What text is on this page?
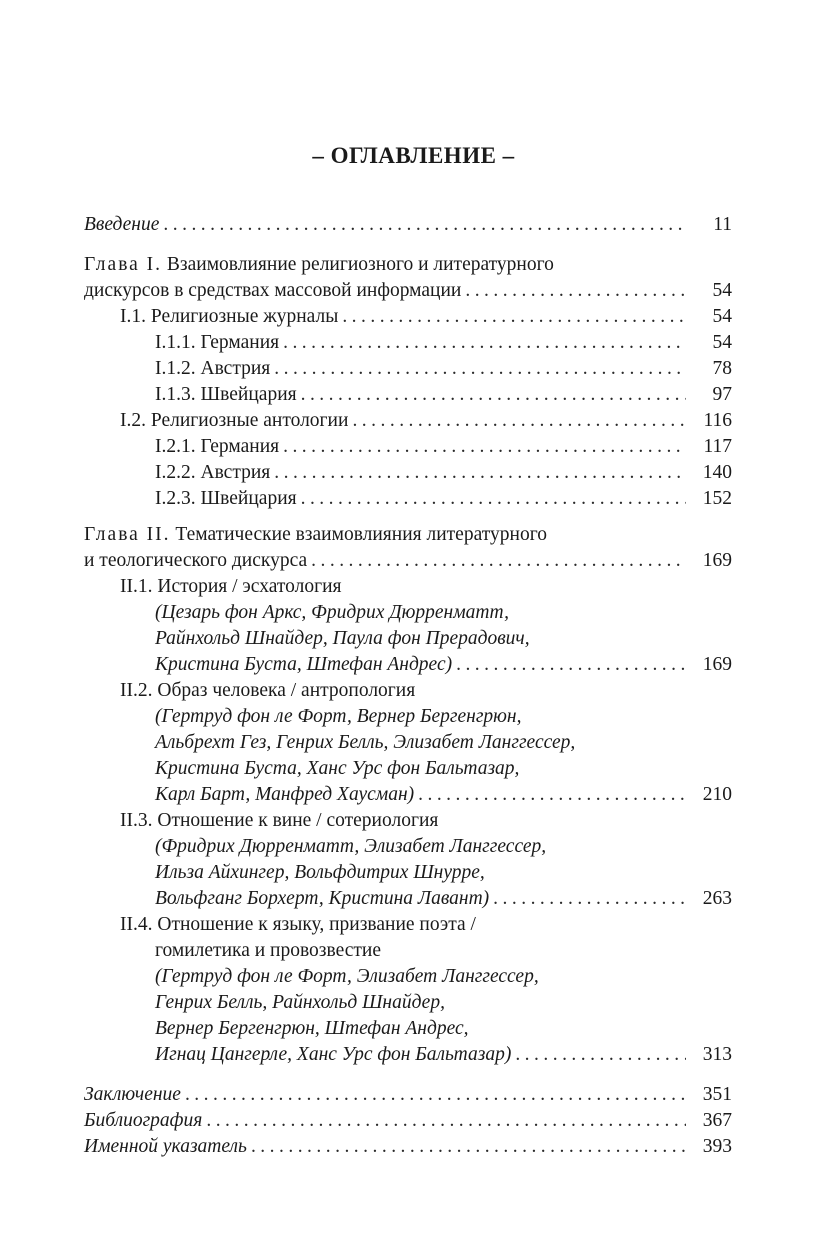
– ОГЛАВЛЕНИЕ –
Введение . . .	11
Глава I. Взаимовлияние религиозного и литературного
дискурсов в средствах массовой информации . . .	54
I.1. Религиозные журналы . . .	54
I.1.1. Германия . . .	54
I.1.2. Австрия . . .	78
I.1.3. Швейцария . . .	97
I.2. Религиозные антологии . . .	116
I.2.1. Германия . . .	117
I.2.2. Австрия . . .	140
I.2.3. Швейцария . . .	152
Глава II. Тематические взаимовлияния литературного
и теологического дискурса . . .	169
II.1. История / эсхатология
(Цезарь фон Аркс, Фридрих Дюрренматт,
Райнхольд Шнайдер, Паула фон Прерадович,
Кристина Буста, Штефан Андрес) . . .	169
II.2. Образ человека / антропология
(Гертруд фон ле Форт, Вернер Бергенгрюн,
Альбрехт Гез, Генрих Белль, Элизабет Ланггессер,
Кристина Буста, Ханс Урс фон Бальтазар,
Карл Барт, Манфред Хаусман) . . .	210
II.3. Отношение к вине / сотериология
(Фридрих Дюрренматт, Элизабет Ланггессер,
Ильза Айхингер, Вольфдитрих Шнурре,
Вольфганг Борхерт, Кристина Лавант) . . .	263
II.4. Отношение к языку, призвание поэта /
гомилетика и провозвестие
(Гертруд фон ле Форт, Элизабет Ланггессер,
Генрих Белль, Райнхольд Шнайдер,
Вернер Бергенгрюн, Штефан Андрес,
Игнац Цангерле, Ханс Урс фон Бальтазар) . . .	313
Заключение . . .	351
Библиография . . .	367
Именной указатель . . .	393
